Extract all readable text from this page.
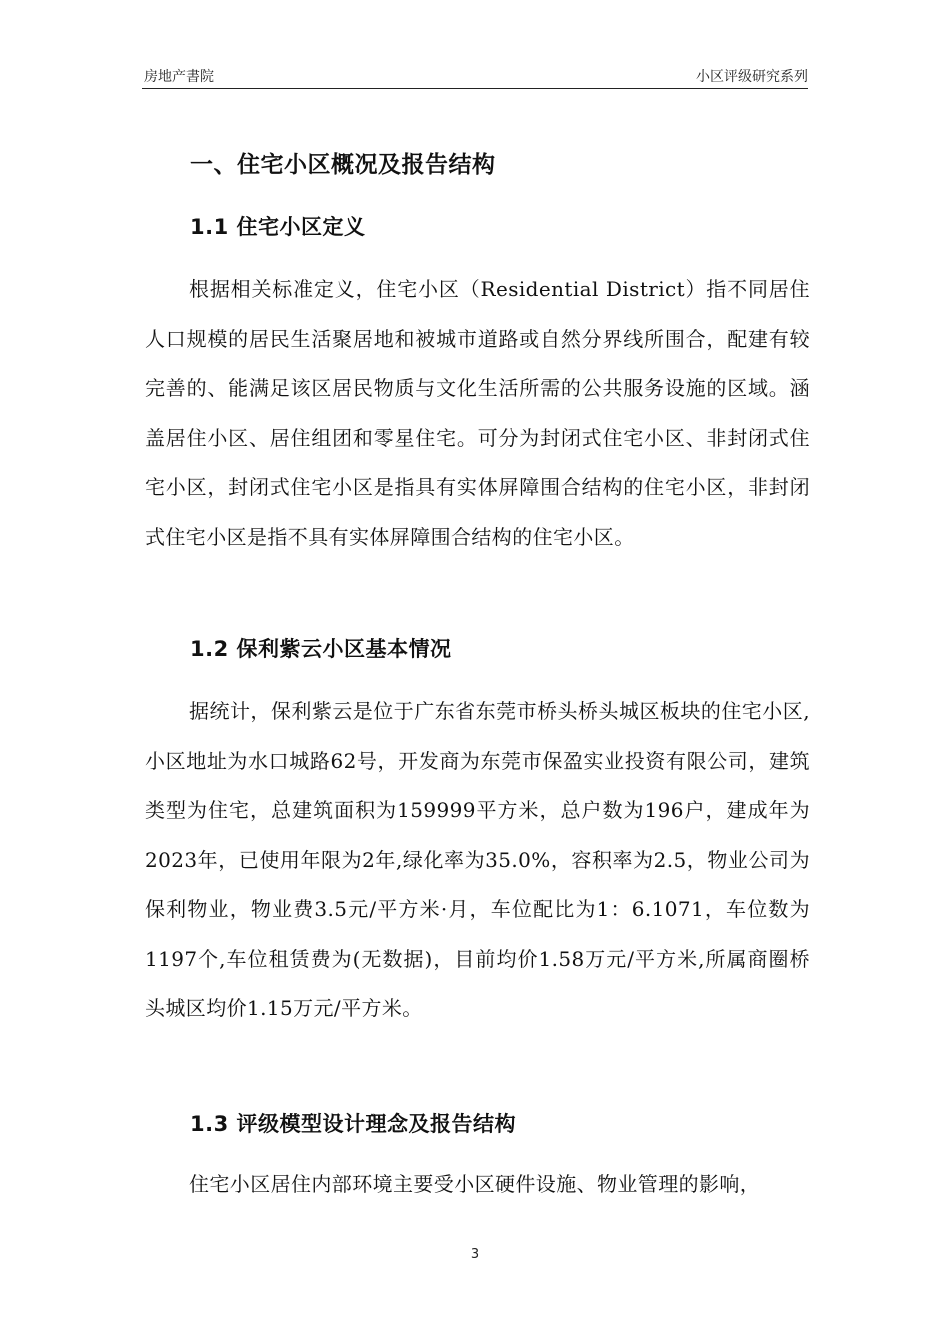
房地产書院	小区评级研究系列
一、住宅小区概况及报告结构
1.1 住宅小区定义

根据相关标准定义，住宅小区（Residential District）指不同居住人口规模的居民生活聚居地和被城市道路或自然分界线所围合，配建有较完善的、能满足该区居民物质与文化生活所需的公共服务设施的区域。涵盖居住小区、居住组团和零星住宅。可分为封闭式住宅小区、非封闭式住宅小区，封闭式住宅小区是指具有实体屏障围合结构的住宅小区，非封闭式住宅小区是指不具有实体屏障围合结构的住宅小区。

1.2 保利紫云小区基本情况

据统计，保利紫云是位于广东省东莞市桥头桥头城区板块的住宅小区,小区地址为水口城路62号，开发商为东莞市保盈实业投资有限公司，建筑类型为住宅，总建筑面积为159999平方米，总户数为196户，建成年为2023年，已使用年限为2年,绿化率为35.0%，容积率为2.5，物业公司为保利物业，物业费3.5元/平方米·月，车位配比为1：6.1071，车位数为1197个,车位租赁费为(无数据)，目前均价1.58万元/平方米,所属商圈桥头城区均价1.15万元/平方米。

1.3 评级模型设计理念及报告结构

住宅小区居住内部环境主要受小区硬件设施、物业管理的影响，

3
